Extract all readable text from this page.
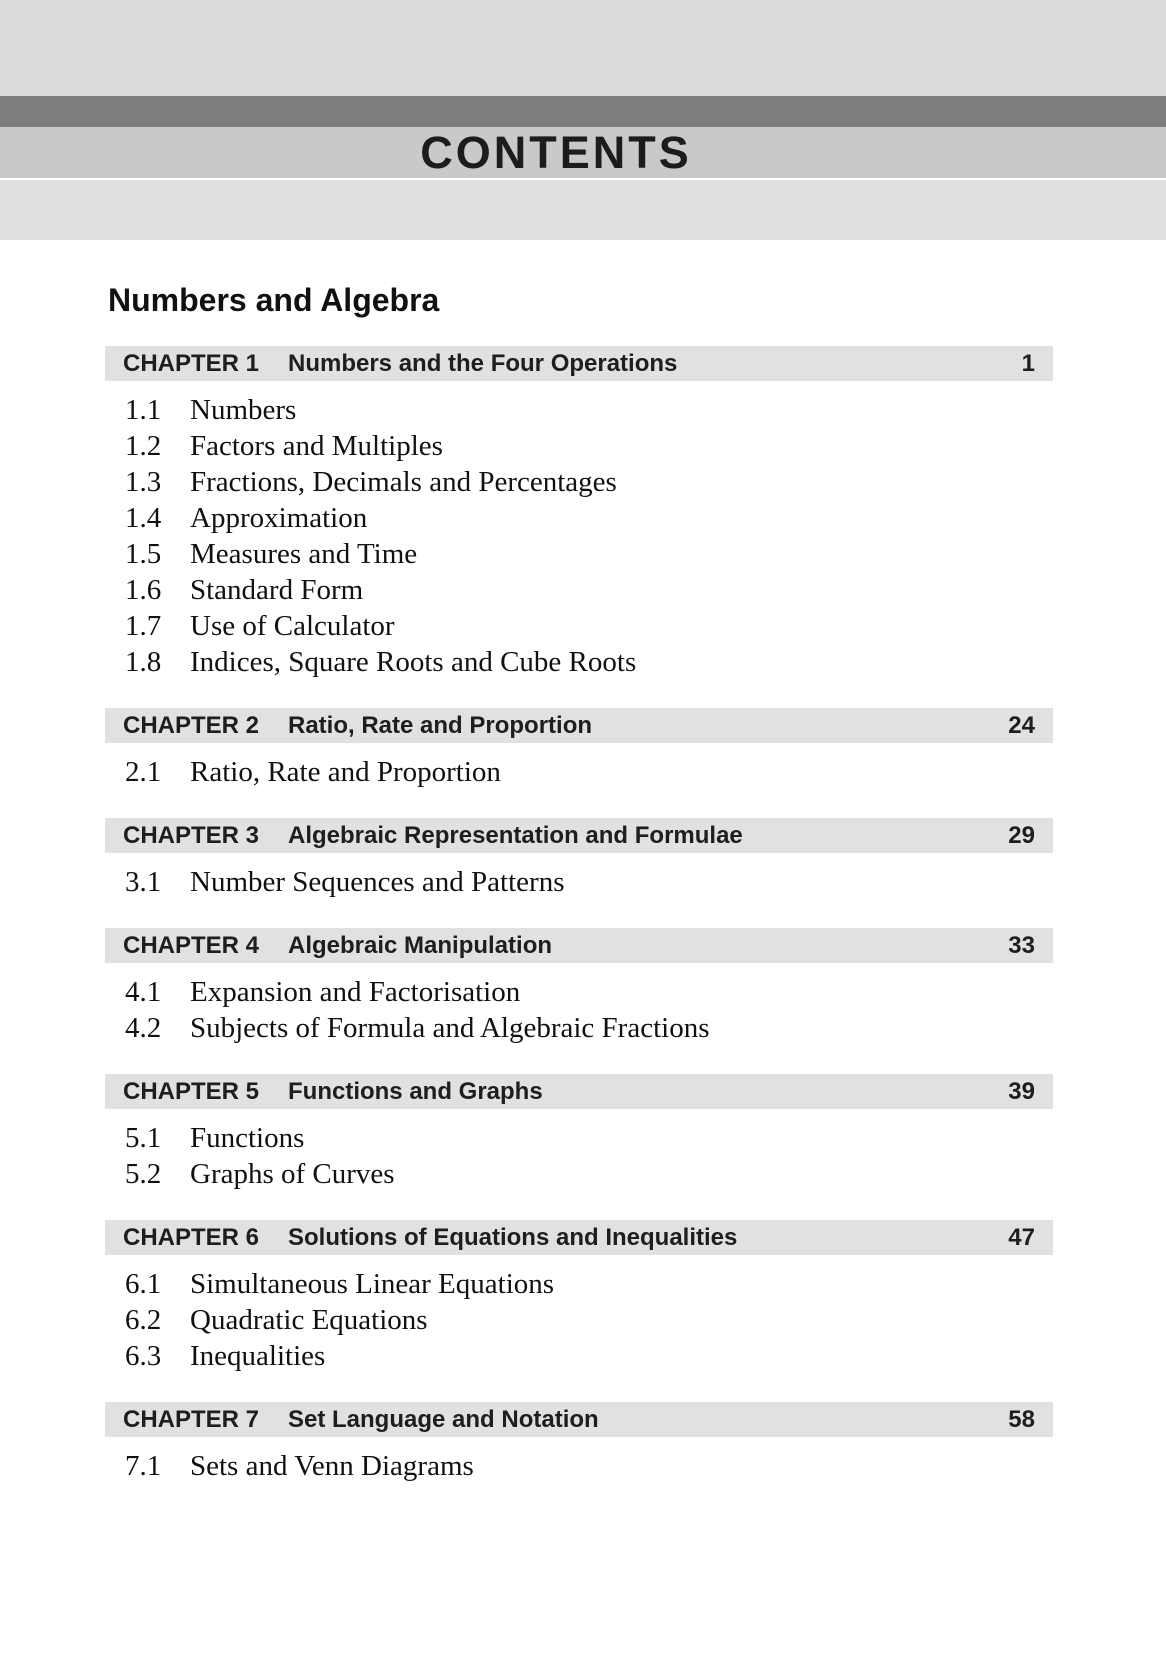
CONTENTS
Numbers and Algebra
CHAPTER 1	Numbers and the Four Operations	1
1.1 Numbers
1.2 Factors and Multiples
1.3 Fractions, Decimals and Percentages
1.4 Approximation
1.5 Measures and Time
1.6 Standard Form
1.7 Use of Calculator
1.8 Indices, Square Roots and Cube Roots
CHAPTER 2	Ratio, Rate and Proportion	24
2.1 Ratio, Rate and Proportion
CHAPTER 3	Algebraic Representation and Formulae	29
3.1 Number Sequences and Patterns
CHAPTER 4	Algebraic Manipulation	33
4.1 Expansion and Factorisation
4.2 Subjects of Formula and Algebraic Fractions
CHAPTER 5	Functions and Graphs	39
5.1 Functions
5.2 Graphs of Curves
CHAPTER 6	Solutions of Equations and Inequalities	47
6.1 Simultaneous Linear Equations
6.2 Quadratic Equations
6.3 Inequalities
CHAPTER 7	Set Language and Notation	58
7.1 Sets and Venn Diagrams
